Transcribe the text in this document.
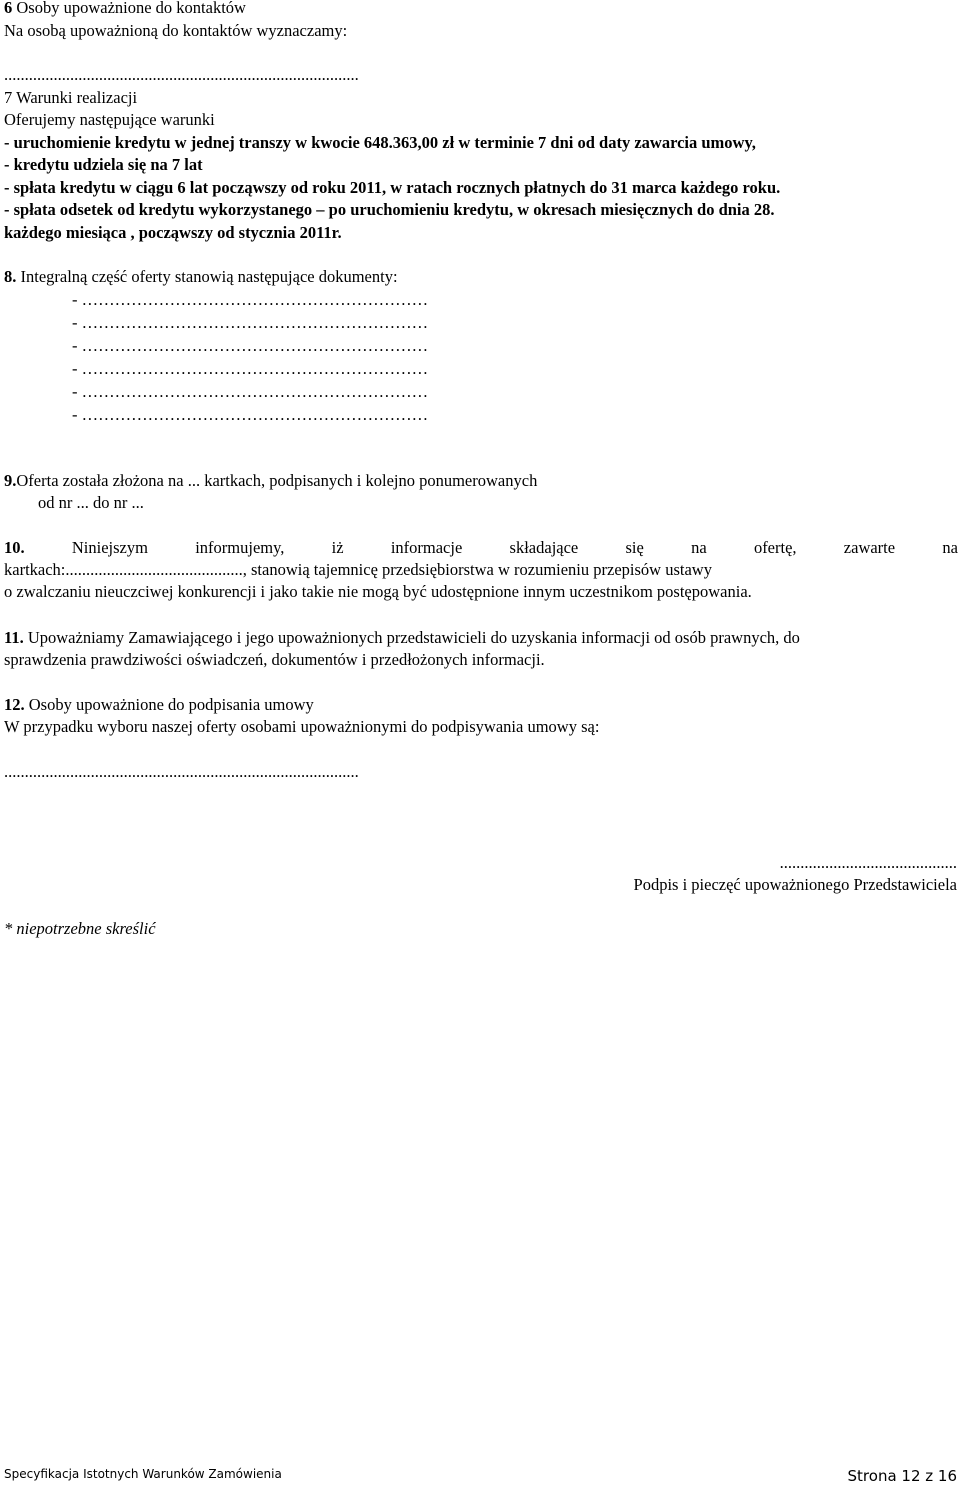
6 Osoby upoważnione do kontaktów
Na osobą upoważnioną do kontaktów wyznaczamy:
......................................................................................
7 Warunki realizacji
Oferujemy następujące warunki
- uruchomienie kredytu w jednej transzy w kwocie 648.363,00 zł w terminie 7 dni od daty zawarcia umowy,
- kredytu udziela się na 7 lat
- spłata kredytu w ciągu 6 lat począwszy od roku 2011, w ratach rocznych płatnych do 31 marca każdego roku.
- spłata odsetek od kredytu wykorzystanego – po uruchomieniu kredytu, w okresach miesięcznych do dnia 28.
każdego miesiąca , począwszy od stycznia 2011r.
8. Integralną część oferty stanowią następujące dokumenty:
- ………………………………………………………
- ………………………………………………………
- ………………………………………………………
- ………………………………………………………
- ………………………………………………………
- ………………………………………………………
9.Oferta została złożona na ... kartkach, podpisanych i kolejno ponumerowanych
od nr ... do nr ...
10.	Niniejszym	informujemy,	iż	informacje	składające	się	na	ofertę,	zawarte	na
kartkach:..........................................., stanowią tajemnicę przedsiębiorstwa w rozumieniu przepisów ustawy
o zwalczaniu nieuczciwej konkurencji i jako takie nie mogą być udostępnione innym uczestnikom postępowania.
11. Upoważniamy Zamawiającego i jego upoważnionych przedstawicieli do uzyskania informacji od osób prawnych, do
sprawdzenia prawdziwości oświadczeń, dokumentów i przedłożonych informacji.
12. Osoby upoważnione do podpisania umowy
W przypadku wyboru naszej oferty osobami upoważnionymi do podpisywania umowy są:
......................................................................................
...........................................
Podpis i pieczęć upoważnionego Przedstawiciela
* niepotrzebne skreślić
Specyfikacja Istotnych Warunków Zamówienia	Strona 12 z 16
